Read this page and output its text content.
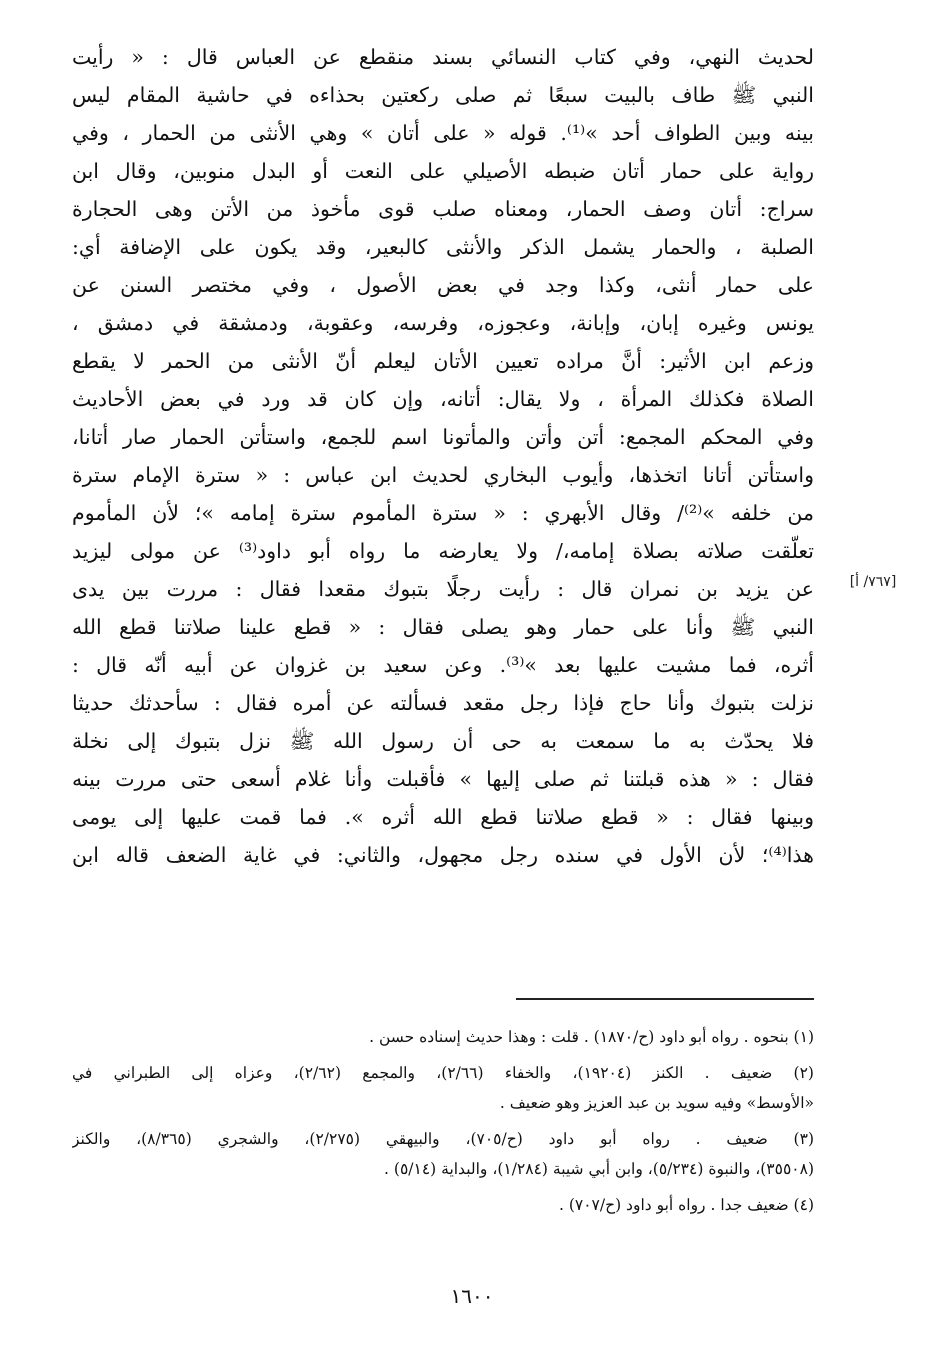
لحديث النهي، وفي كتاب النسائي بسند منقطع عن العباس قال : « رأيت
النبي ﷺ طاف بالبيت سبعًا ثم صلى ركعتين بحذاءه في حاشية المقام ليس
بينه وبين الطواف أحد »⁽¹⁾. قوله « على أتان » وهي الأنثى من الحمار ، وفي
رواية على حمار أتان ضبطه الأصيلي على النعت أو البدل منوبين، وقال ابن
سراج: أتان وصف الحمار، ومعناه صلب قوى مأخوذ من الأتن وهى الحجارة
الصلبة ، والحمار يشمل الذكر والأنثى كالبعير، وقد يكون على الإضافة أي:
على حمار أنثى، وكذا وجد في بعض الأصول ، وفي مختصر السنن عن
يونس وغيره إبان، وإبانة، وعجوزه، وفرسه، وعقوبة، ودمشقة في دمشق ،
وزعم ابن الأثير: أنَّ مراده تعيين الأتان ليعلم أنّ الأنثى من الحمر لا يقطع
الصلاة فكذلك المرأة ، ولا يقال: أتانه، وإن كان قد ورد في بعض الأحاديث
وفي المحكم المجمع: أتن وأتن والمأتونا اسم للجمع، واستأتن الحمار صار أتانا،
واستأتن أتانا اتخذها، وأيوب البخاري لحديث ابن عباس : « سترة الإمام سترة
من خلفه »⁽²⁾/ وقال الأبهري : « سترة المأموم سترة إمامه »؛ لأن المأموم
تعلّقت صلاته بصلاة إمامه،/ ولا يعارضه ما رواه أبو داود⁽³⁾ عن مولى ليزيد
عن يزيد بن نمران قال : رأيت رجلًا بتبوك مقعدا فقال : مررت بين يدى
النبي ﷺ وأنا على حمار وهو يصلى فقال : « قطع علينا صلاتنا قطع الله
أثره، فما مشيت عليها بعد »⁽³⁾. وعن سعيد بن غزوان عن أبيه أنّه قال :
نزلت بتبوك وأنا حاج فإذا رجل مقعد فسألته عن أمره فقال : سأحدثك حديثا
فلا يحدّث به ما سمعت به حى أن رسول الله ﷺ نزل بتبوك إلى نخلة
فقال : « هذه قبلتنا ثم صلى إليها » فأقبلت وأنا غلام أسعى حتى مررت بينه
وبينها فقال : « قطع صلاتنا قطع الله أثره ». فما قمت عليها إلى يومى
هذا⁽⁴⁾؛ لأن الأول في سنده رجل مجهول، والثاني: في غاية الضعف قاله ابن
[٧٦٧/ أ]
(١) بنحوه . رواه أبو داود (ح/١٨٧٠) . قلت : وهذا حديث إسناده حسن .
(٢) ضعيف . الكنز (١٩٢٠٤)، والخفاء (٢/٦٦)، والمجمع (٢/٦٢)، وعزاه إلى الطبراني في
«الأوسط» وفيه سويد بن عبد العزيز وهو ضعيف .
(٣) ضعيف . رواه أبو داود (ح/٧٠٥)، والبيهقي (٢/٢٧٥)، والشجري (٨/٣٦٥)، والكنز
(٣٥٥٠٨)، والنبوة (٥/٢٣٤)، وابن أبي شيبة (١/٢٨٤)، والبداية (٥/١٤) .
(٤) ضعيف جدا . رواه أبو داود (ح/٧٠٧) .
١٦٠٠
